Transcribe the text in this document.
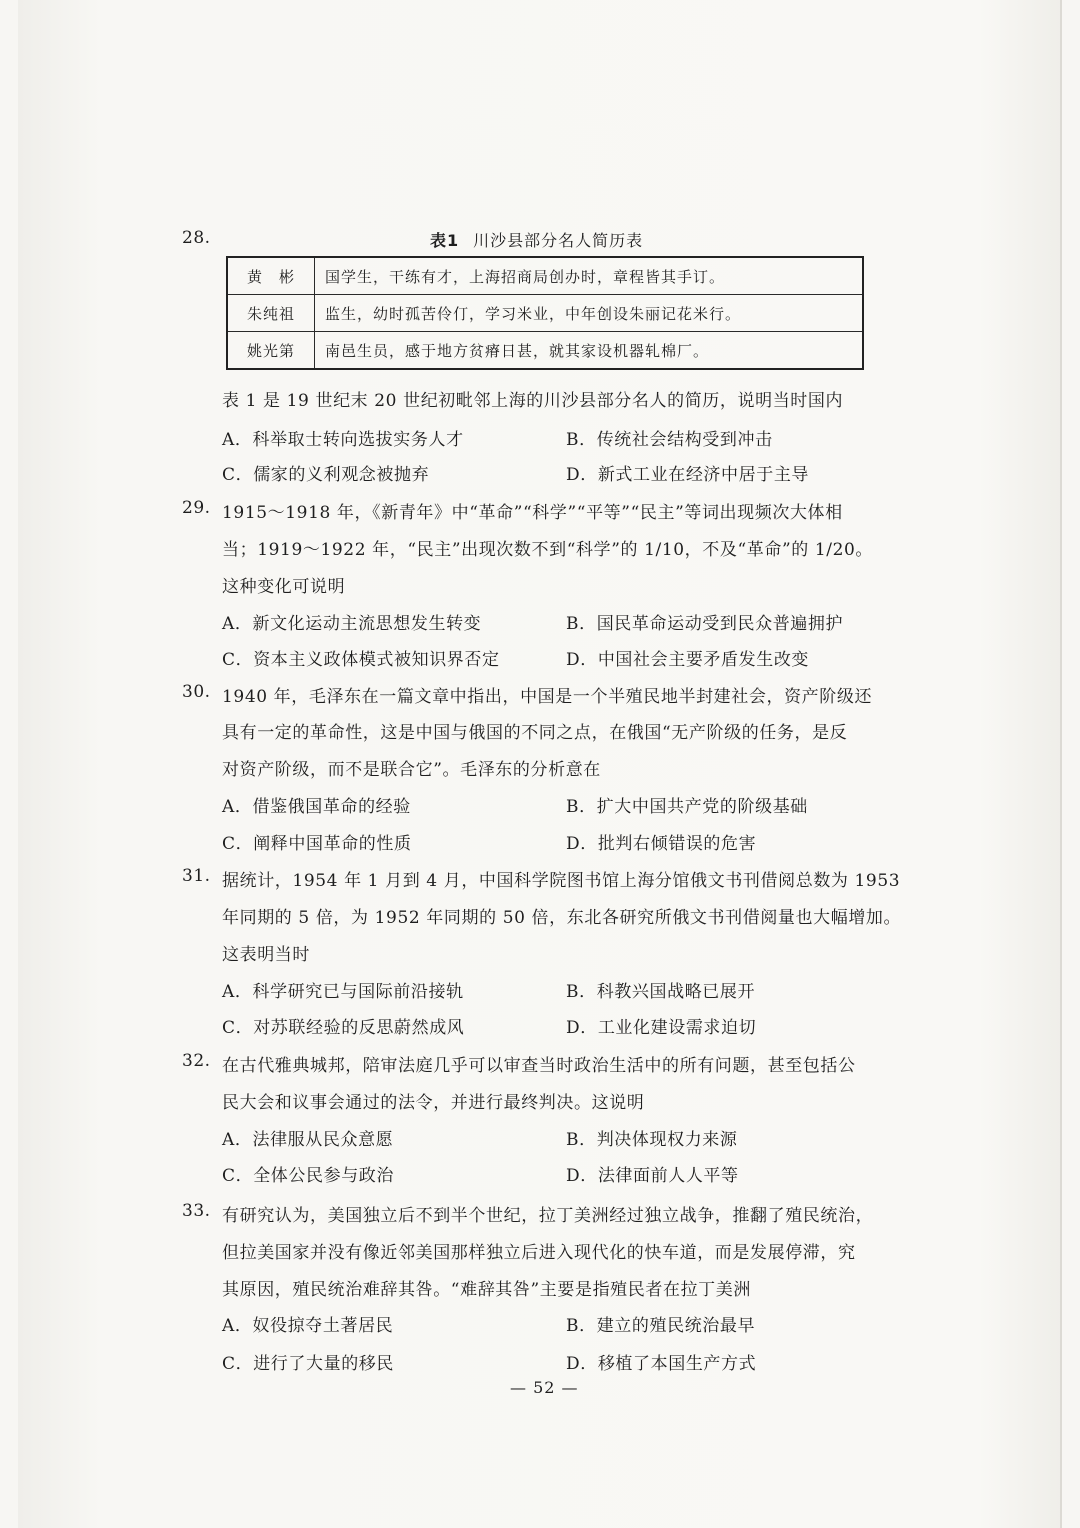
28.	表1 川沙县部分名人简历表
黄　彬	国学生，干练有才，上海招商局创办时，章程皆其手订。
朱纯祖	监生，幼时孤苦伶仃，学习米业，中年创设朱丽记花米行。
姚光第	南邑生员，感于地方贫瘠日甚，就其家设机器轧棉厂。
表 1 是 19 世纪末 20 世纪初毗邻上海的川沙县部分名人的简历，说明当时国内
A．科举取士转向选拔实务人才	B．传统社会结构受到冲击
C．儒家的义利观念被抛弃	D．新式工业在经济中居于主导
29. 1915～1918 年，《新青年》中“革命”“科学”“平等”“民主”等词出现频次大体相
当；1919～1922 年，“民主”出现次数不到“科学”的 1/10，不及“革命”的 1/20。
这种变化可说明
A．新文化运动主流思想发生转变	B．国民革命运动受到民众普遍拥护
C．资本主义政体模式被知识界否定	D．中国社会主要矛盾发生改变
30. 1940 年，毛泽东在一篇文章中指出，中国是一个半殖民地半封建社会，资产阶级还
具有一定的革命性，这是中国与俄国的不同之点，在俄国“无产阶级的任务，是反
对资产阶级，而不是联合它”。毛泽东的分析意在
A．借鉴俄国革命的经验	B．扩大中国共产党的阶级基础
C．阐释中国革命的性质	D．批判右倾错误的危害
31. 据统计，1954 年 1 月到 4 月，中国科学院图书馆上海分馆俄文书刊借阅总数为 1953
年同期的 5 倍，为 1952 年同期的 50 倍，东北各研究所俄文书刊借阅量也大幅增加。
这表明当时
A．科学研究已与国际前沿接轨	B．科教兴国战略已展开
C．对苏联经验的反思蔚然成风	D．工业化建设需求迫切
32. 在古代雅典城邦，陪审法庭几乎可以审查当时政治生活中的所有问题，甚至包括公
民大会和议事会通过的法令，并进行最终判决。这说明
A．法律服从民众意愿	B．判决体现权力来源
C．全体公民参与政治	D．法律面前人人平等
33. 有研究认为，美国独立后不到半个世纪，拉丁美洲经过独立战争，推翻了殖民统治，
但拉美国家并没有像近邻美国那样独立后进入现代化的快车道，而是发展停滞，究
其原因，殖民统治难辞其咎。“难辞其咎”主要是指殖民者在拉丁美洲
A．奴役掠夺土著居民	B．建立的殖民统治最早
C．进行了大量的移民	D．移植了本国生产方式
— 52 —
